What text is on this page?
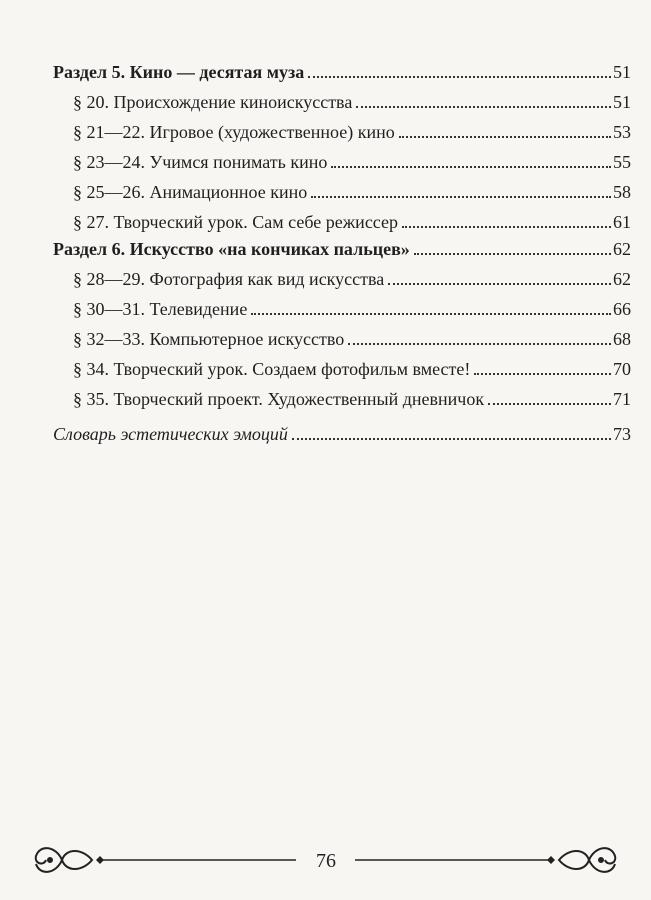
Раздел 5. Кино — десятая муза	51
§ 20. Происхождение киноискусства	51
§ 21—22. Игровое (художественное) кино	53
§ 23—24. Учимся понимать кино	55
§ 25—26. Анимационное кино	58
§ 27. Творческий урок. Сам себе режиссер	61
Раздел 6. Искусство «на кончиках пальцев»	62
§ 28—29. Фотография как вид искусства	62
§ 30—31. Телевидение	66
§ 32—33. Компьютерное искусство	68
§ 34. Творческий урок. Создаем фотофильм вместе!	70
§ 35. Творческий проект. Художественный дневничок	71
Словарь эстетических эмоций	73
76
